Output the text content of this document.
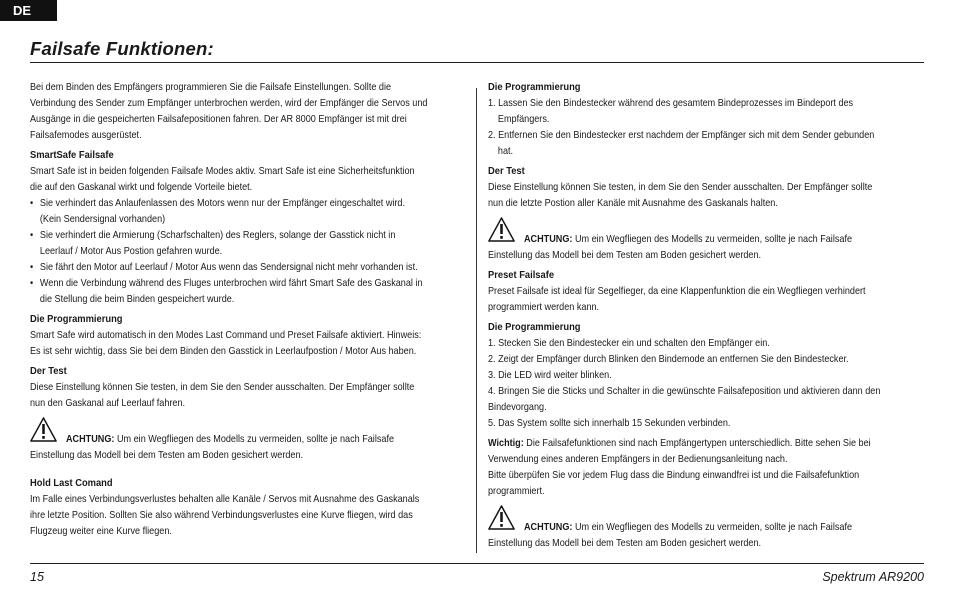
DE
Failsafe Funktionen:

Bei dem Binden des Empfängers programmieren Sie die Failsafe Einstellungen. Sollte die
Verbindung des Sender zum Empfänger unterbrochen werden, wird der Empfänger die Servos und
Ausgänge in die gespeicherten Failsafepositionen fahren. Der AR 8000 Empfänger ist mit drei
Failsafemodes ausgerüstet.

SmartSafe Failsafe

Smart Safe ist in beiden folgenden Failsafe Modes aktiv. Smart Safe ist eine Sicherheitsfunktion
die auf den Gaskanal wirkt und folgende Vorteile bietet.

• Sie verhindert das Anlaufenlassen des Motors wenn nur der Empfänger eingeschaltet wird.
(Kein Sendersignal vorhanden)
• Sie verhindert die Armierung (Scharfschalten) des Reglers, solange der Gasstick nicht in
Leerlauf / Motor Aus Postion gefahren wurde.
• Sie fährt den Motor auf Leerlauf / Motor Aus wenn das Sendersignal nicht mehr vorhanden ist.
• Wenn die Verbindung während des Fluges unterbrochen wird fährt Smart Safe des Gaskanal in
die Stellung die beim Binden gespeichert wurde.
Die Programmierung

Smart Safe wird automatisch in den Modes Last Command und Preset Failsafe aktiviert. Hinweis:
Es ist sehr wichtig, dass Sie bei dem Binden den Gasstick in Leerlaufpostion / Motor Aus haben.

Der Test

Diese Einstellung können Sie testen, in dem Sie den Sender ausschalten. Der Empfänger sollte
nun den Gaskanal auf Leerlauf fahren.

ACHTUNG: Um ein Wegfliegen des Modells zu vermeiden, sollte je nach Failsafe

Einstellung das Modell bei dem Testen am Boden gesichert werden.

Hold Last Comand

Im Falle eines Verbindungsverlustes behalten alle Kanäle / Servos mit Ausnahme des Gaskanals
ihre letzte Position. Sollten Sie also während Verbindungsverlustes eine Kurve fliegen, wird das
Flugzeug weiter eine Kurve fliegen.

Die Programmierung
1. Lassen Sie den Bindestecker während des gesamtem Bindeprozesses im Bindeport des
Empfängers.
2. Entfernen Sie den Bindestecker erst nachdem der Empfänger sich mit dem Sender gebunden
hat.
Der Test

Diese Einstellung können Sie testen, in dem Sie den Sender ausschalten. Der Empfänger sollte
nun die letzte Postion aller Kanäle mit Ausnahme des Gaskanals halten.

ACHTUNG: Um ein Wegfliegen des Modells zu vermeiden, sollte je nach Failsafe

Einstellung das Modell bei dem Testen am Boden gesichert werden.

Preset Failsafe

Preset Failsafe ist ideal für Segelfieger, da eine Klappenfunktion die ein Wegfliegen verhindert
programmiert werden kann.

Die Programmierung

1. Stecken Sie den Bindestecker ein und schalten den Empfänger ein.
2. Zeigt der Empfänger durch Blinken den Bindemode an entfernen Sie den Bindestecker.
3. Die LED wird weiter blinken.
4. Bringen Sie die Sticks und Schalter in die gewünschte Failsafeposition und aktivieren dann den
Bindevorgang.
5. Das System sollte sich innerhalb 15 Sekunden verbinden.

Wichtig: Die Failsafefunktionen sind nach Empfängertypen unterschiedlich. Bitte sehen Sie bei
Verwendung eines anderen Empfängers in der Bedienungsanleitung nach.
Bitte überpüfen Sie vor jedem Flug dass die Bindung einwandfrei ist und die Failsafefunktion
programmiert.

ACHTUNG: Um ein Wegfliegen des Modells zu vermeiden, sollte je nach Failsafe

Einstellung das Modell bei dem Testen am Boden gesichert werden.

15	Spektrum AR9200
